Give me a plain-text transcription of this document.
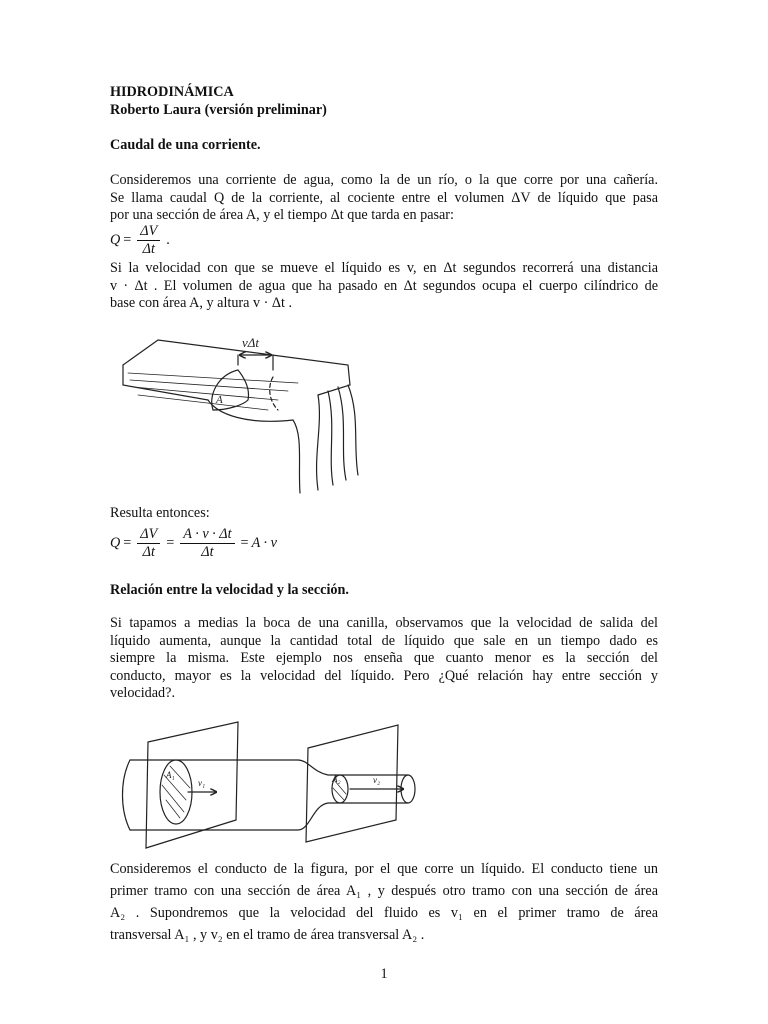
HIDRODINÁMICA
Roberto Laura (versión preliminar)
Caudal de una corriente.
Consideremos una corriente de agua, como la de un río, o la que corre por una cañería.
Se llama caudal Q de la corriente, al cociente entre el volumen ΔV de líquido que pasa
por una sección de área A, y el tiempo Δt que tarda en pasar:
$Q = \frac{\Delta V}{\Delta t}$ .
Si la velocidad con que se mueve el líquido es v, en Δt segundos recorrerá una distancia
v · Δt . El volumen de agua que ha pasado en Δt segundos ocupa el cuerpo cilíndrico de
base con área A, y altura v · Δt .
vΔt
A
Resulta entonces:
$Q = \frac{\Delta V}{\Delta t} = \frac{A \cdot v \cdot \Delta t}{\Delta t} = A \cdot v$
Relación entre la velocidad y la sección.
Si tapamos a medias la boca de una canilla, observamos que la velocidad de salida del
líquido aumenta, aunque la cantidad total de líquido que sale en un tiempo dado es
siempre la misma. Este ejemplo nos enseña que cuanto menor es la sección del
conducto, mayor es la velocidad del líquido. Pero ¿Qué relación hay entre sección y
velocidad?.
A₁
v₁	A₂	v₂
Consideremos el conducto de la figura, por el que corre un líquido. El conducto tiene un
primer tramo con una sección de área A₁ , y después otro tramo con una sección de área
A₂ . Supondremos que la velocidad del fluido es v₁ en el primer tramo de área
transversal A₁ , y v₂ en el tramo de área transversal A₂ .
1
